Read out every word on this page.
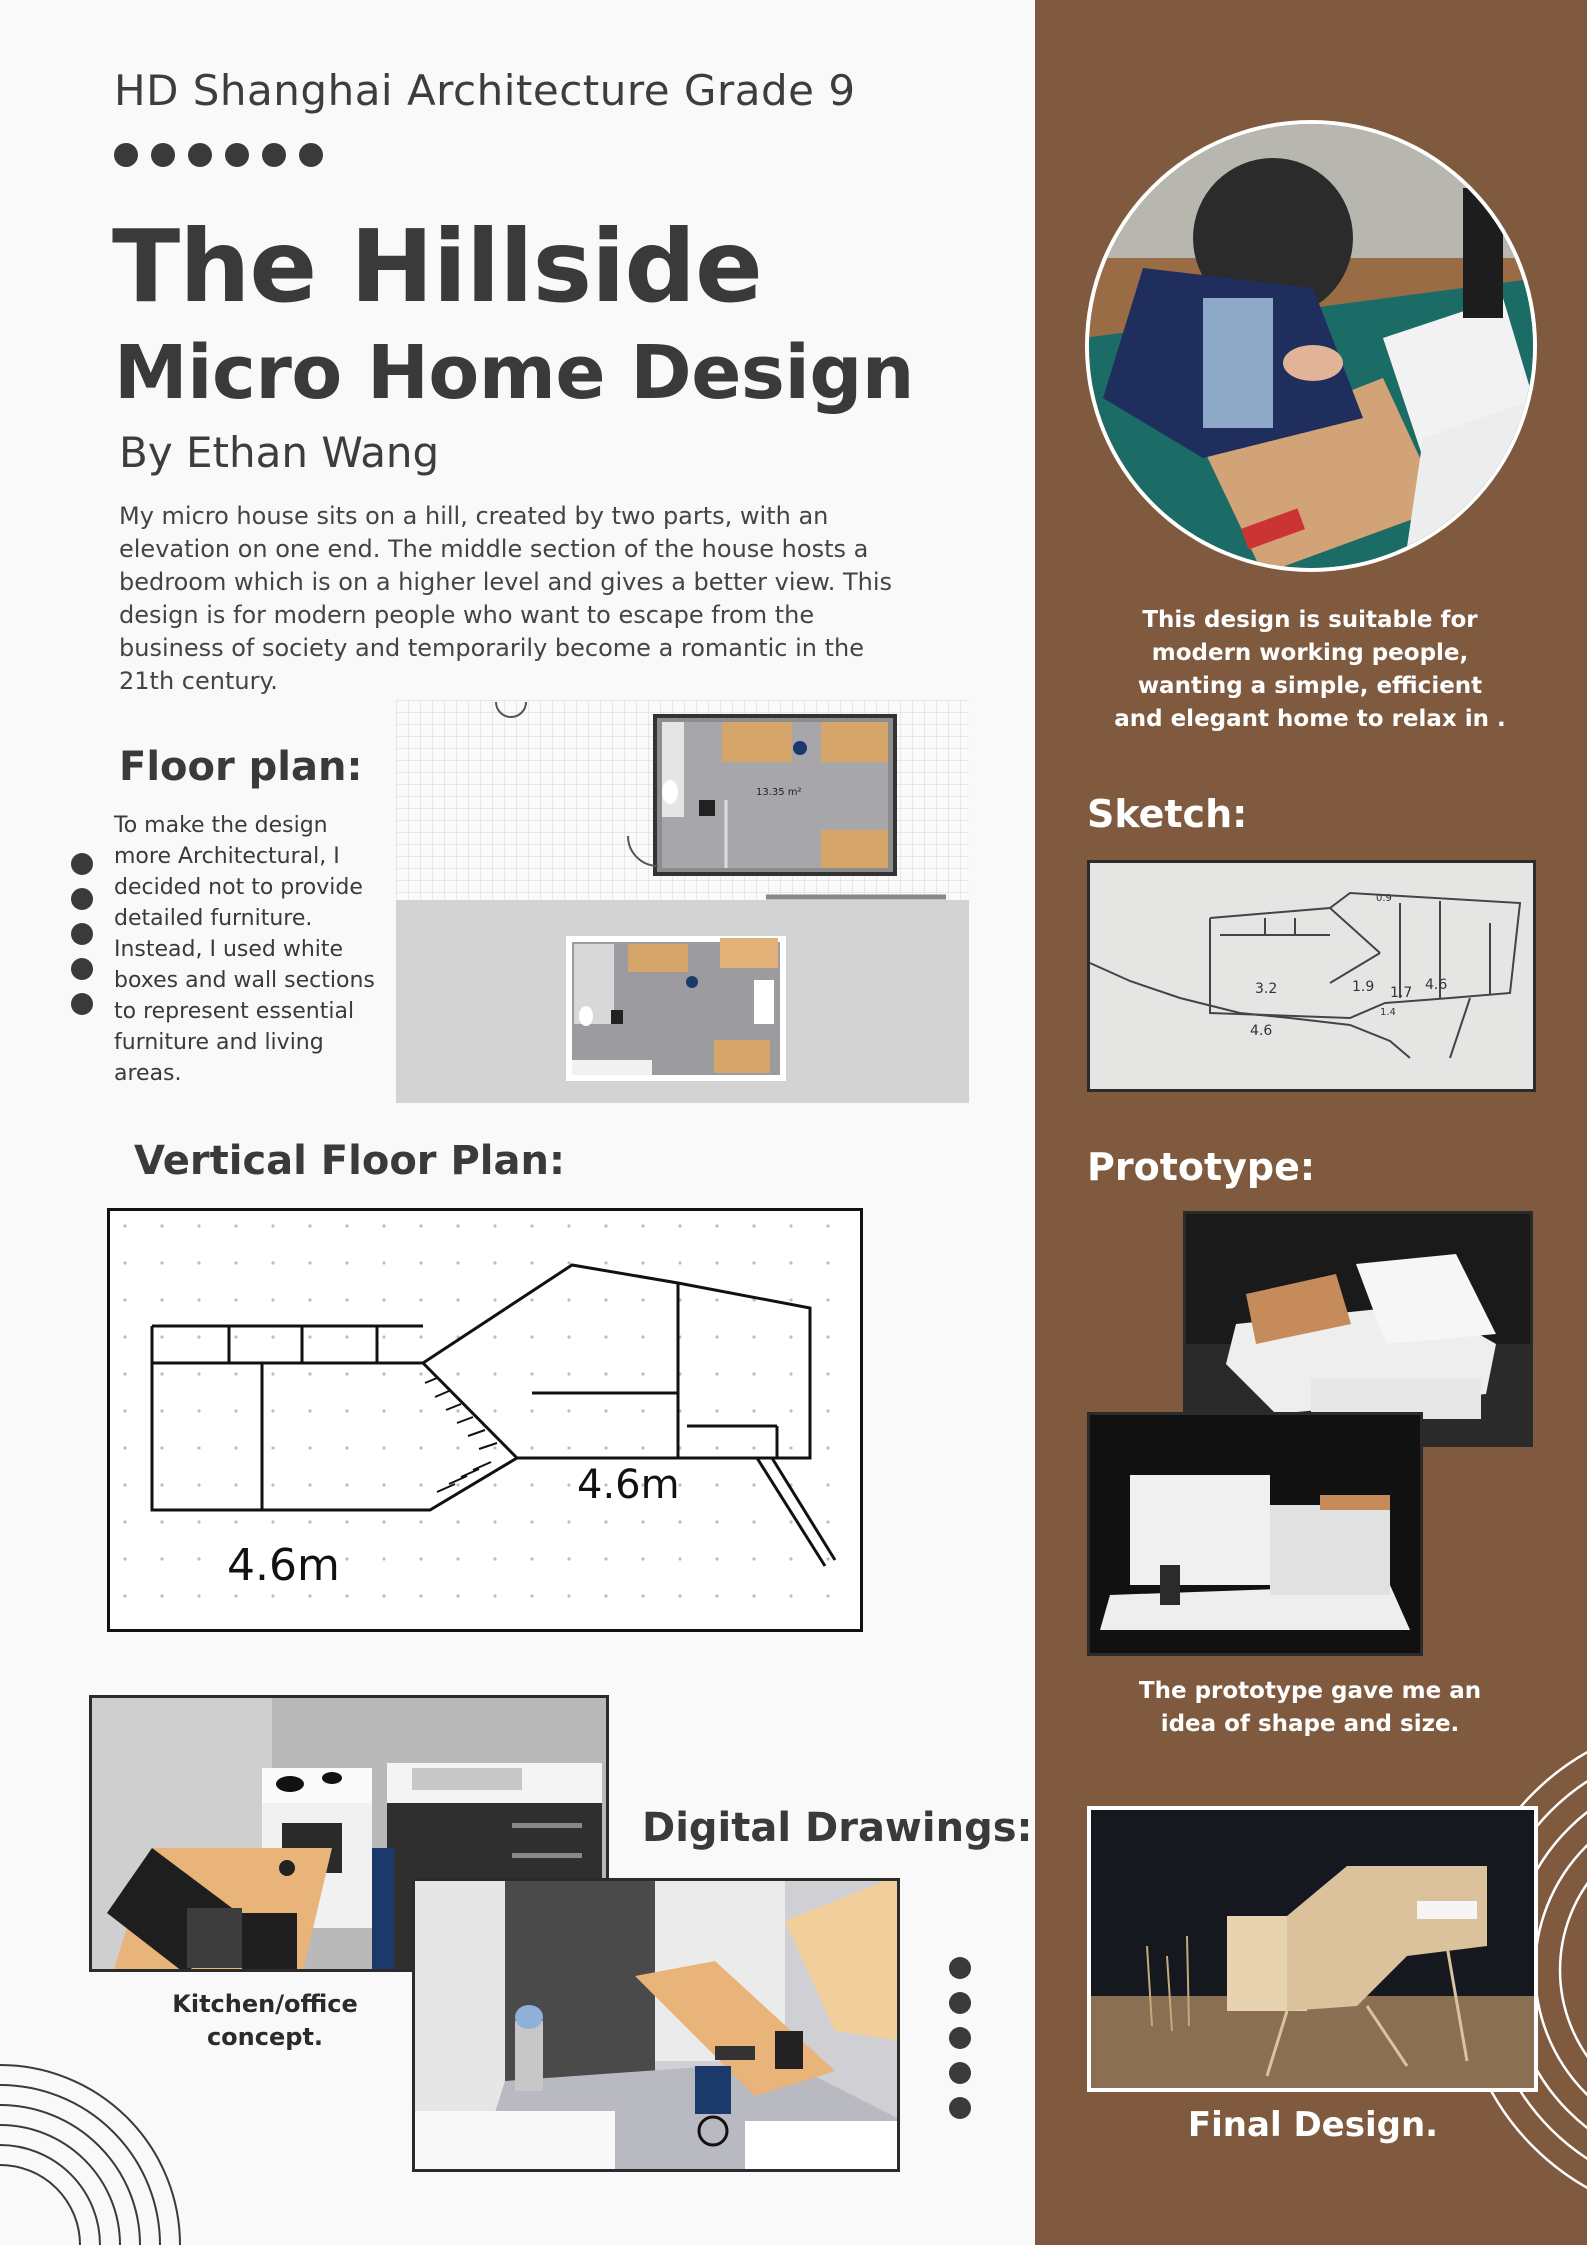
HD Shanghai Architecture Grade 9
The Hillside
Micro Home Design
By Ethan Wang
My micro house sits on a hill, created by two parts, with an elevation on one end. The middle section of the house hosts a bedroom which is on a higher level and gives a better view. This design is for modern people who want to escape from the business of society and temporarily become a romantic in the 21th century.
Floor plan:
To make the design more Architectural, I decided not to provide detailed furniture. Instead, I used white boxes and wall sections to represent essential furniture and living areas.
13.35 m²
Vertical Floor Plan:
4.6m
4.6m
Digital Drawings:
Kitchen/office concept.
This design is suitable for modern working people, wanting a simple, efficient and elegant home to relax in .
Sketch:
3.2	1.9 1.7 4.6
4.6
1.4
0.9
Prototype:
The prototype gave me an idea of shape and size.
Final Design.
